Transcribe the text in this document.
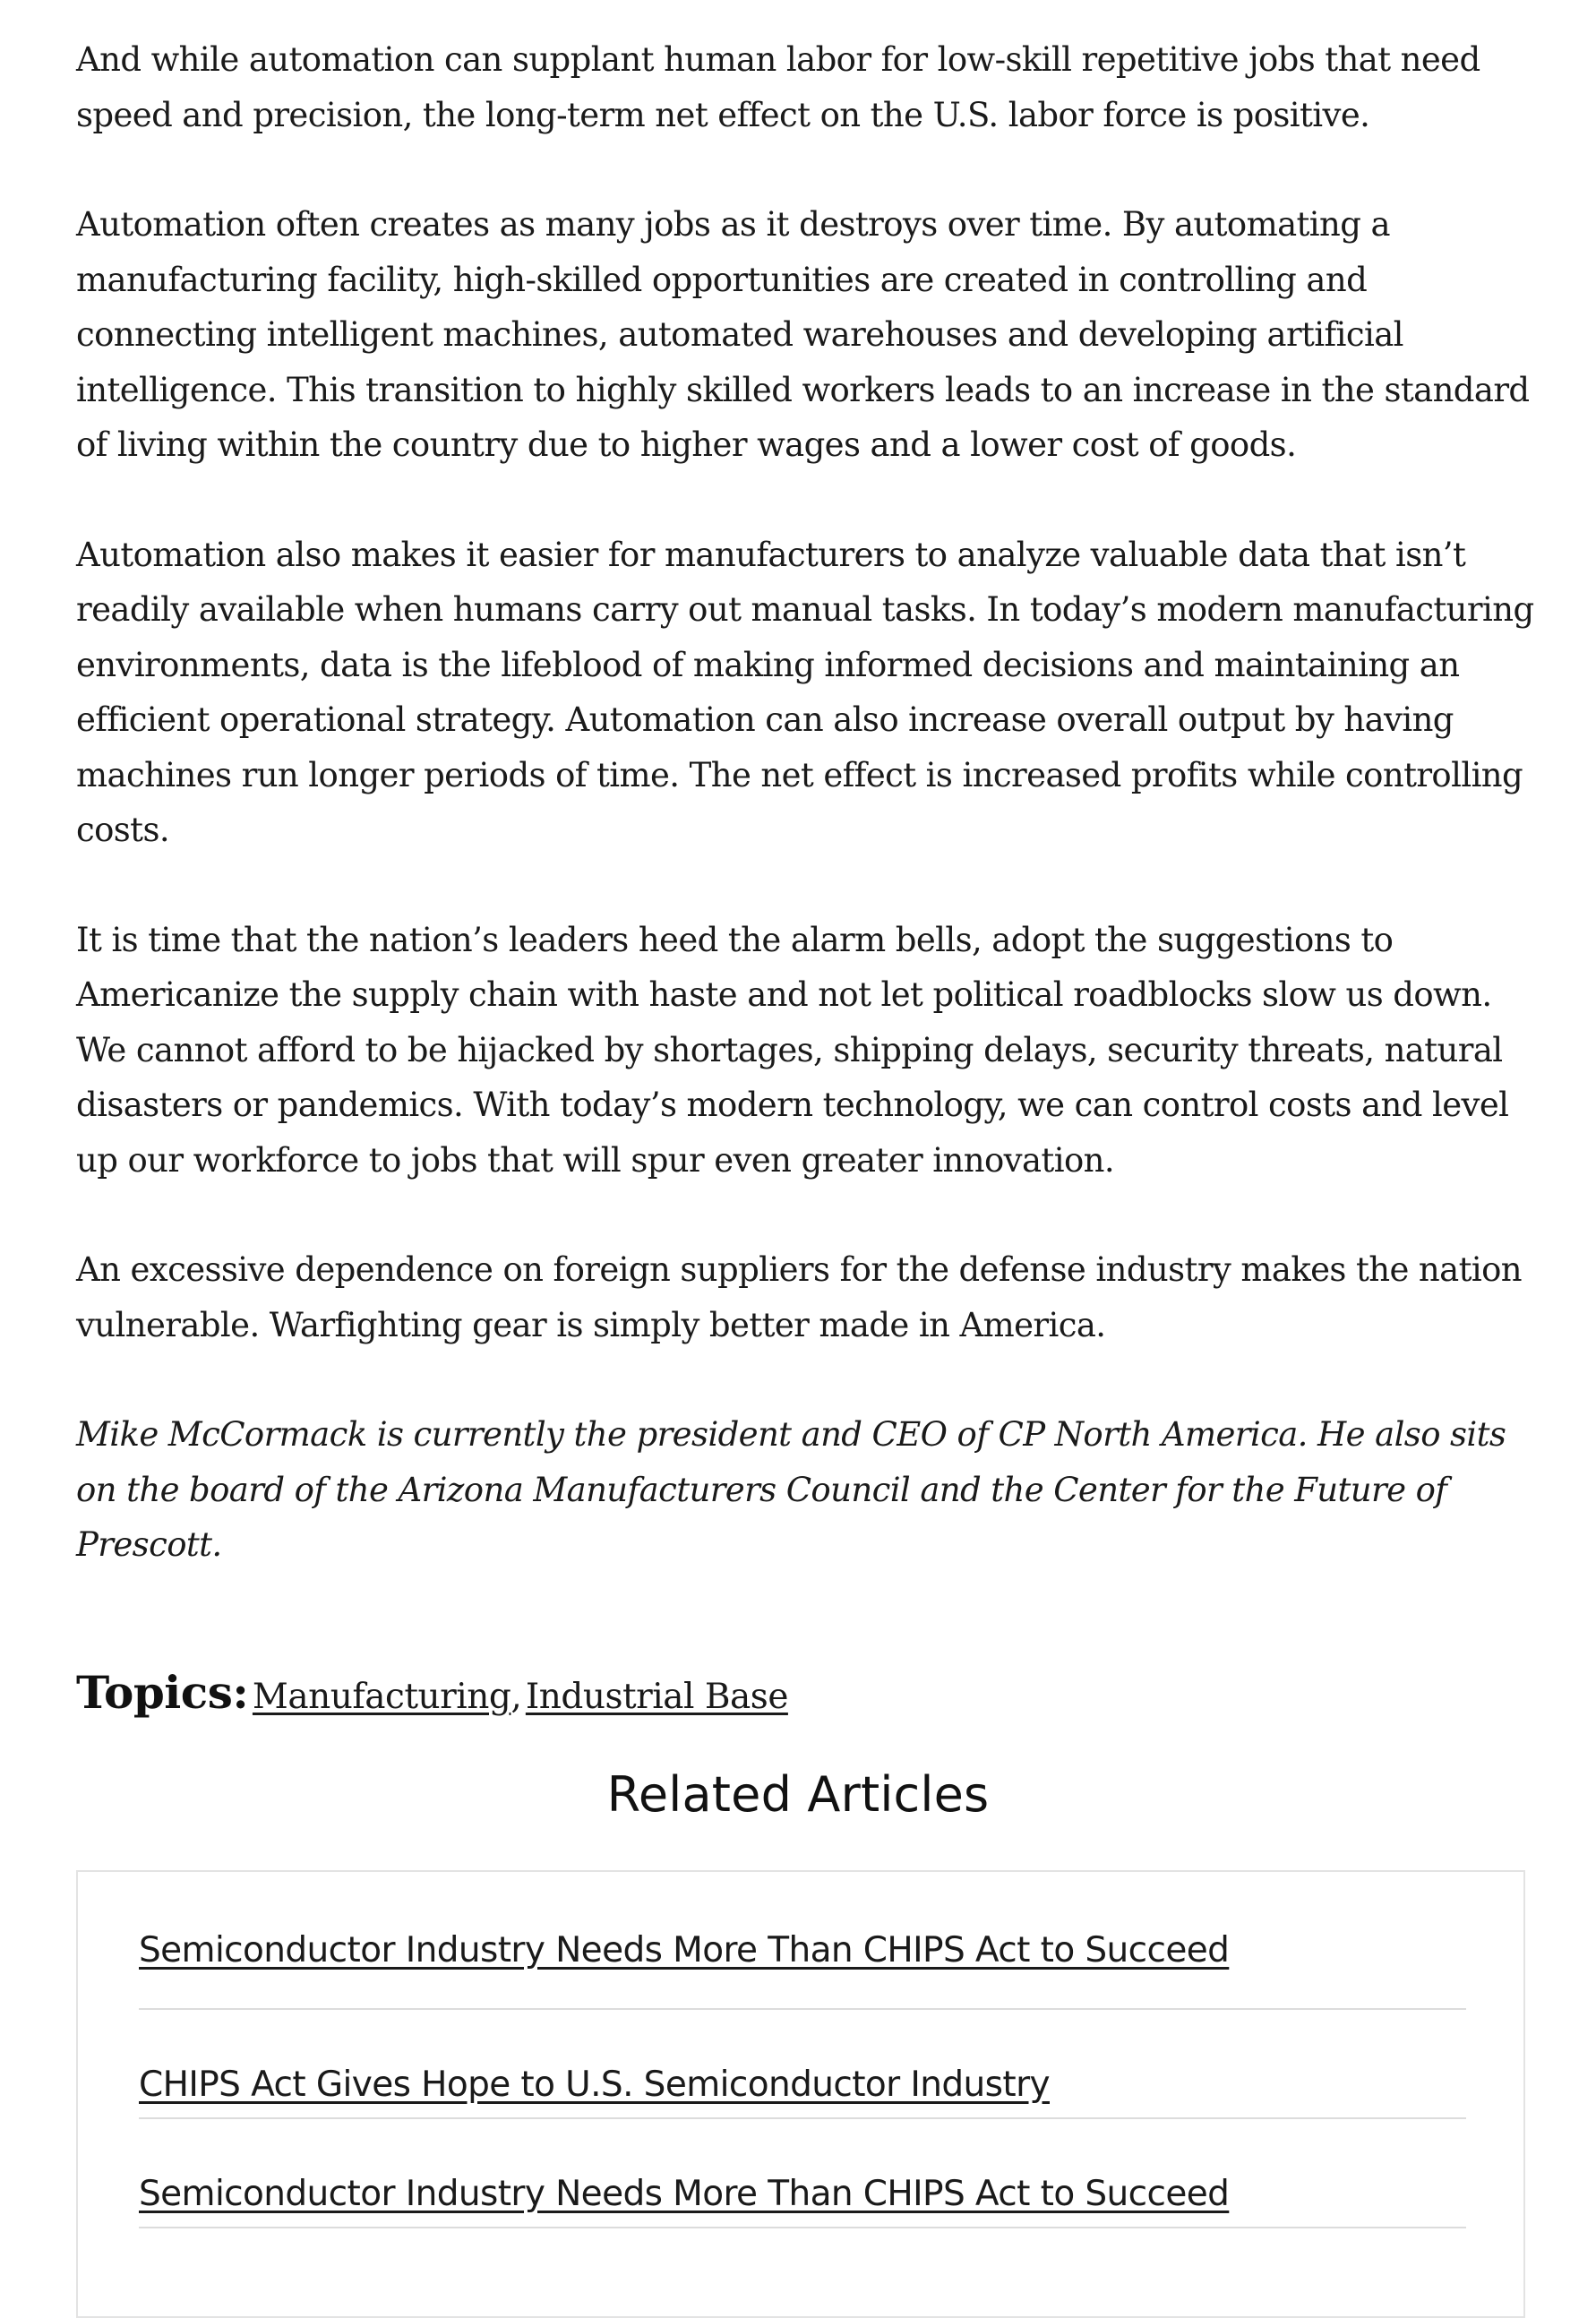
And while automation can supplant human labor for low-skill repetitive jobs that need speed and precision, the long-term net effect on the U.S. labor force is positive.

Automation often creates as many jobs as it destroys over time. By automating a manufacturing facility, high-skilled opportunities are created in controlling and connecting intelligent machines, automated warehouses and developing artificial intelligence. This transition to highly skilled workers leads to an increase in the standard of living within the country due to higher wages and a lower cost of goods.

Automation also makes it easier for manufacturers to analyze valuable data that isn’t readily available when humans carry out manual tasks. In today’s modern manufacturing environments, data is the lifeblood of making informed decisions and maintaining an efficient operational strategy. Automation can also increase overall output by having machines run longer periods of time. The net effect is increased profits while controlling costs.

It is time that the nation’s leaders heed the alarm bells, adopt the suggestions to Americanize the supply chain with haste and not let political roadblocks slow us down. We cannot afford to be hijacked by shortages, shipping delays, security threats, natural disasters or pandemics. With today’s modern technology, we can control costs and level up our workforce to jobs that will spur even greater innovation.

An excessive dependence on foreign suppliers for the defense industry makes the nation vulnerable. Warfighting gear is simply better made in America.

Mike McCormack is currently the president and CEO of CP North America. He also sits on the board of the Arizona Manufacturers Council and the Center for the Future of Prescott.

Topics: Manufacturing, Industrial Base
Related Articles
Semiconductor Industry Needs More Than CHIPS Act to Succeed
CHIPS Act Gives Hope to U.S. Semiconductor Industry
Semiconductor Industry Needs More Than CHIPS Act to Succeed
